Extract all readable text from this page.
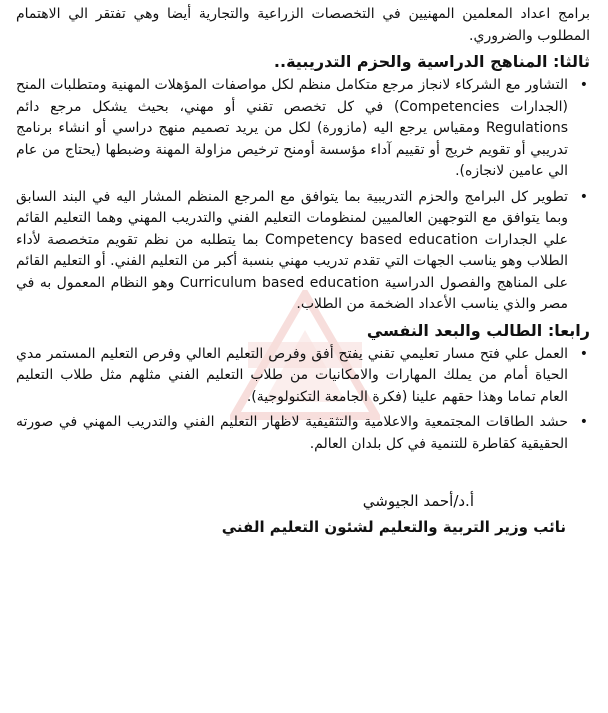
برامج اعداد المعلمين المهنيين في التخصصات الزراعية والتجارية أيضا وهي تفتقر الي الاهتمام المطلوب والضروري.

ثالثا: المناهج الدراسية والحزم التدريبية..
•

التشاور مع الشركاء لانجاز مرجع متكامل منظم لكل مواصفات المؤهلات المهنية ومتطلبات المنح (الجدارات Competencies) في كل تخصص تقني أو مهني، بحيث يشكل مرجع دائم Regulations ومقياس يرجع اليه (مازورة) لكل من يريد تصميم منهج دراسي أو انشاء برنامج تدريبي أو تقويم خريج أو تقييم آداء مؤسسة أومنح ترخيص مزاولة المهنة وضبطها (يحتاج من عام الي عامين لانجازه).

•

تطوير كل البرامج والحزم التدريبية بما يتوافق مع المرجع المنظم المشار اليه في البند السابق وبما يتوافق مع التوجهين العالميين لمنظومات التعليم الفني والتدريب المهني وهما التعليم القائم علي الجدارات Competency based education بما يتطلبه من نظم تقويم متخصصة لأداء الطلاب وهو يناسب الجهات التي تقدم تدريب مهني بنسبة أكبر من التعليم الفني. أو التعليم القائم على المناهج والفصول الدراسية Curriculum based education وهو النظام المعمول به في مصر والذي يناسب الأعداد الضخمة من الطلاب.

رابعا: الطالب والبعد النفسي
•

العمل علي فتح مسار تعليمي تقني يفتح أفق وفرص التعليم العالي وفرص التعليم المستمر مدي الحياة أمام من يملك المهارات والامكانيات من طلاب التعليم الفني مثلهم مثل طلاب التعليم العام تماما وهذا حقهم علينا (فكرة الجامعة التكنولوجية).

•

حشد الطاقات المجتمعية والاعلامية والتثقيفية لاظهار التعليم الفني والتدريب المهني في صورته الحقيقية كقاطرة للتنمية في كل بلدان العالم.

أ.د/أحمد الجيوشي
نائب وزير التربية والتعليم لشئون التعليم الفني
